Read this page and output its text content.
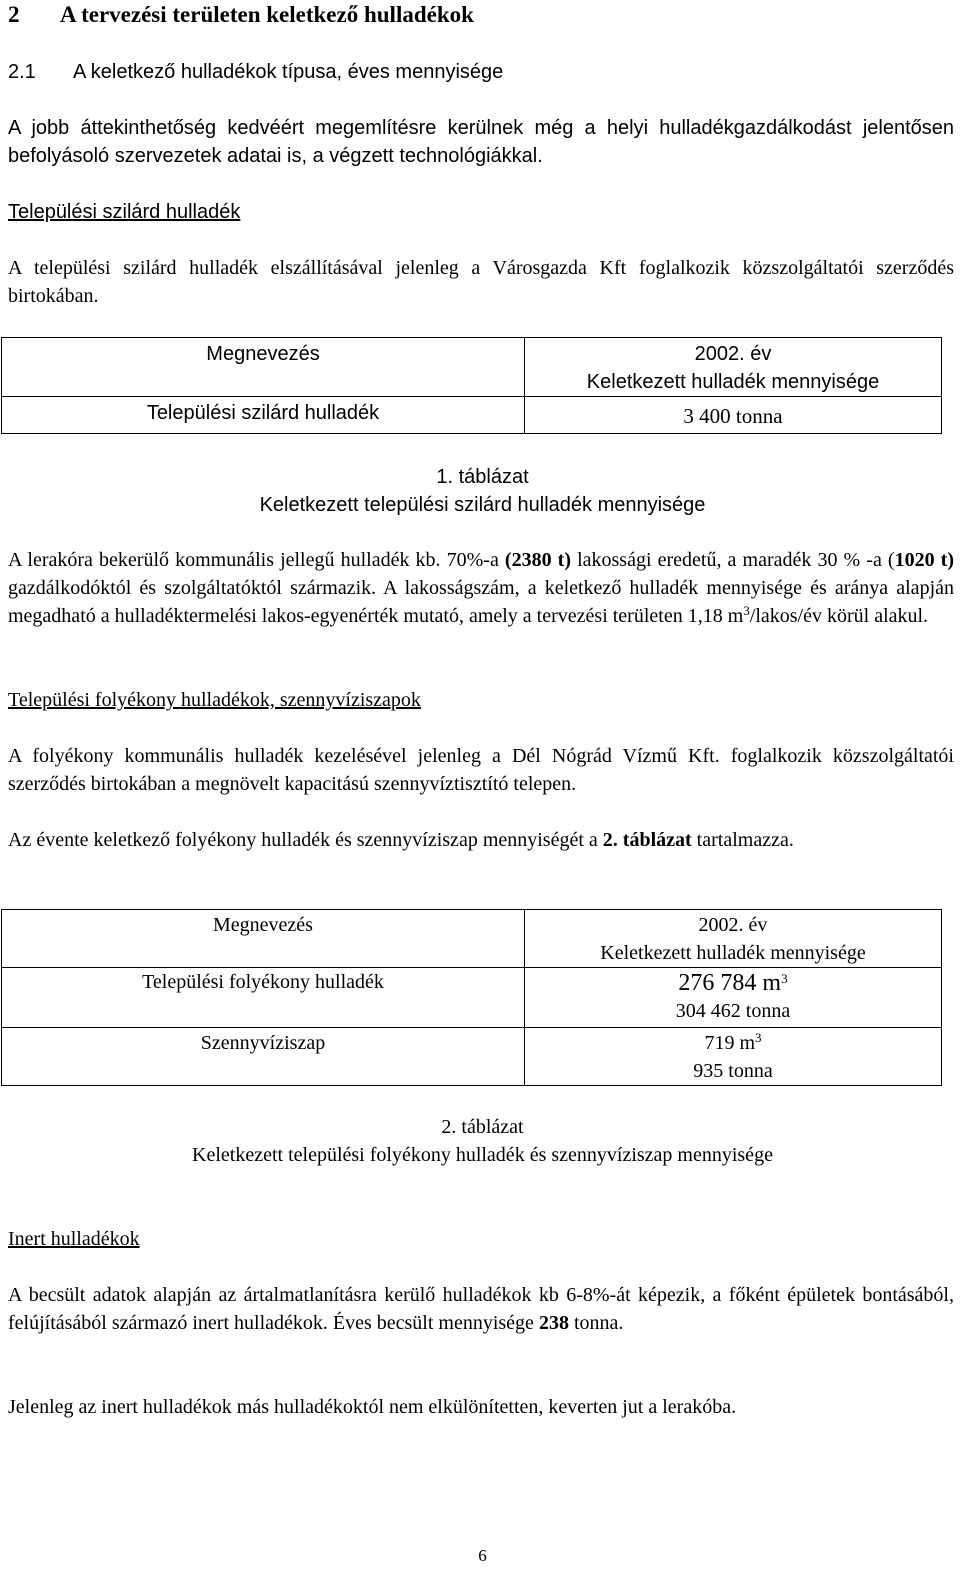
2 A tervezési területen keletkező hulladékok
2.1 A keletkező hulladékok típusa, éves mennyisége
A jobb áttekinthetőség kedvéért megemlítésre kerülnek még a helyi hulladékgazdálkodást jelentősen befolyásoló szervezetek adatai is, a végzett technológiákkal.
Települési szilárd hulladék
A települési szilárd hulladék elszállításával jelenleg a Városgazda Kft foglalkozik közszolgáltatói szerződés birtokában.
Megnevezés	2002. év
Keletkezett hulladék mennyisége

Települési szilárd hulladék	3 400 tonna
1. táblázat
Keletkezett települési szilárd hulladék mennyisége
A lerakóra bekerülő kommunális jellegű hulladék kb. 70%-a (2380 t) lakossági eredetű, a maradék 30 % -a (1020 t) gazdálkodóktól és szolgáltatóktól származik. A lakosságszám, a keletkező hulladék mennyisége és aránya alapján megadható a hulladéktermelési lakos-egyenérték mutató, amely a tervezési területen 1,18 $m^3/lakos/év$ körül alakul.
Települési folyékony hulladékok, szennyvíziszapok
A folyékony kommunális hulladék kezelésével jelenleg a Dél Nógrád Vízmű Kft. foglalkozik közszolgáltatói szerződés birtokában a megnövelt kapacitású szennyvíztisztító telepen.
Az évente keletkező folyékony hulladék és szennyvíziszap mennyiségét a 2. táblázat tartalmazza.
Megnevezés	2002. év
Keletkezett hulladék mennyisége

Települési folyékony hulladék	276 784 $m^3$
304 462 tonna

Szennyvíziszap	719 $m^3$
935 tonna
2. táblázat
Keletkezett települési folyékony hulladék és szennyvíziszap mennyisége
Inert hulladékok
A becsült adatok alapján az ártalmatlanításra kerülő hulladékok kb 6-8%-át képezik, a főként épületek bontásából, felújításából származó inert hulladékok. Éves becsült mennyisége 238 tonna.
Jelenleg az inert hulladékok más hulladékoktól nem elkülönítetten, keverten jut a lerakóba.
6
